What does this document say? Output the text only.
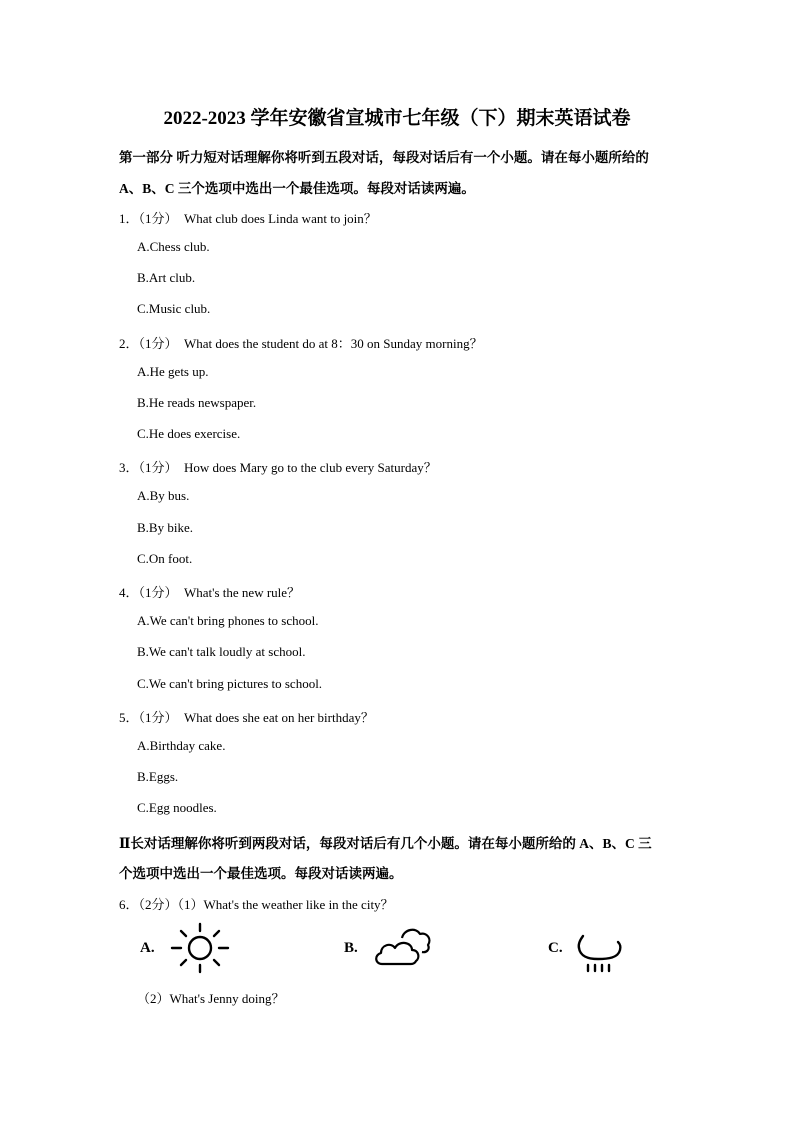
2022-2023 学年安徽省宣城市七年级（下）期末英语试卷
第一部分 听力短对话理解你将听到五段对话，每段对话后有一个小题。请在每小题所给的
A、B、C 三个选项中选出一个最佳选项。每段对话读两遍。
1．（1分）  What club does Linda want to join？
A.Chess club.
B.Art club.
C.Music club.
2．（1分）  What does the student do at 8：30 on Sunday morning？
A.He gets up.
B.He reads newspaper.
C.He does exercise.
3．（1分）  How does Mary go to the club every Saturday？
A.By bus.
B.By bike.
C.On foot.
4．（1分）  What's the new rule？
A.We can't bring phones to school.
B.We can't talk loudly at school.
C.We can't bring pictures to school.
5．（1分）  What does she eat on her birthday？
A.Birthday cake.
B.Eggs.
C.Egg noodles.
Ⅱ长对话理解你将听到两段对话，每段对话后有几个小题。请在每小题所给的 A、B、C 三
个选项中选出一个最佳选项。每段对话读两遍。
6．（2分）（1）What's the weather like in the city？
A.	B.	C.
（2）What's Jenny doing？
